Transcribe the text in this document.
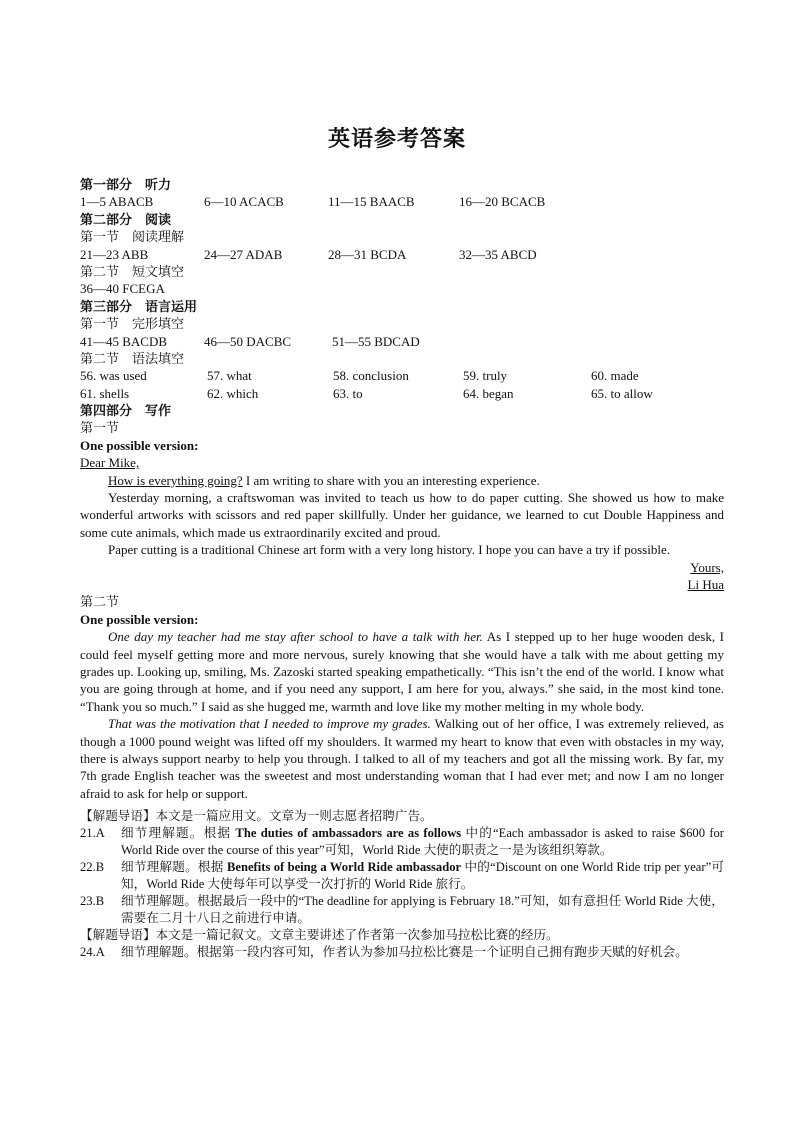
英语参考答案
第一部分　听力
1—5 ABACB	6—10 ACACB	11—15 BAACB	16—20 BCACB
第二部分　阅读
第一节　阅读理解
21—23 ABB	24—27 ADAB	28—31 BCDA	32—35 ABCD
第二节　短文填空
36—40 FCEGA
第三部分　语言运用
第一节　完形填空
41—45 BACDB	46—50 DACBC	51—55 BDCAD
第二节　语法填空
56. was used	57. what	58. conclusion	59. truly	60. made
61. shells	62. which	63. to	64. began	65. to allow
第四部分　写作
第一节
One possible version:
Dear Mike,
How is everything going? I am writing to share with you an interesting experience.
Yesterday morning, a craftswoman was invited to teach us how to do paper cutting. She showed us how to make wonderful artworks with scissors and red paper skillfully. Under her guidance, we learned to cut Double Happiness and some cute animals, which made us extraordinarily excited and proud.
Paper cutting is a traditional Chinese art form with a very long history. I hope you can have a try if possible.
Yours,
Li Hua
第二节
One possible version:
One day my teacher had me stay after school to have a talk with her. As I stepped up to her huge wooden desk, I could feel myself getting more and more nervous, surely knowing that she would have a talk with me about getting my grades up. Looking up, smiling, Ms. Zazoski started speaking empathetically. “This isn’t the end of the world. I know what you are going through at home, and if you need any support, I am here for you, always.” she said, in the most kind tone. “Thank you so much.” I said as she hugged me, warmth and love like my mother melting in my whole body.
That was the motivation that I needed to improve my grades. Walking out of her office, I was extremely relieved, as though a 1000 pound weight was lifted off my shoulders. It warmed my heart to know that even with obstacles in my way, there is always support nearby to help you through. I talked to all of my teachers and got all the missing work. By far, my 7th grade English teacher was the sweetest and most understanding woman that I had ever met; and now I am no longer afraid to ask for help or support.
【解题导语】本文是一篇应用文。文章为一则志愿者招聘广告。
21.A	细节理解题。根据 The duties of ambassadors are as follows 中的“Each ambassador is asked to raise $600 for World Ride over the course of this year”可知，World Ride 大使的职责之一是为该组织筹款。
22.B	细节理解题。根据 Benefits of being a World Ride ambassador 中的“Discount on one World Ride trip per year”可知，World Ride 大使每年可以享受一次打折的 World Ride 旅行。
23.B	细节理解题。根据最后一段中的“The deadline for applying is February 18.”可知，如有意担任 World Ride 大使，需要在二月十八日之前进行申请。
【解题导语】本文是一篇记叙文。文章主要讲述了作者第一次参加马拉松比赛的经历。
24.A	细节理解题。根据第一段内容可知，作者认为参加马拉松比赛是一个证明自己拥有跑步天赋的好机会。
